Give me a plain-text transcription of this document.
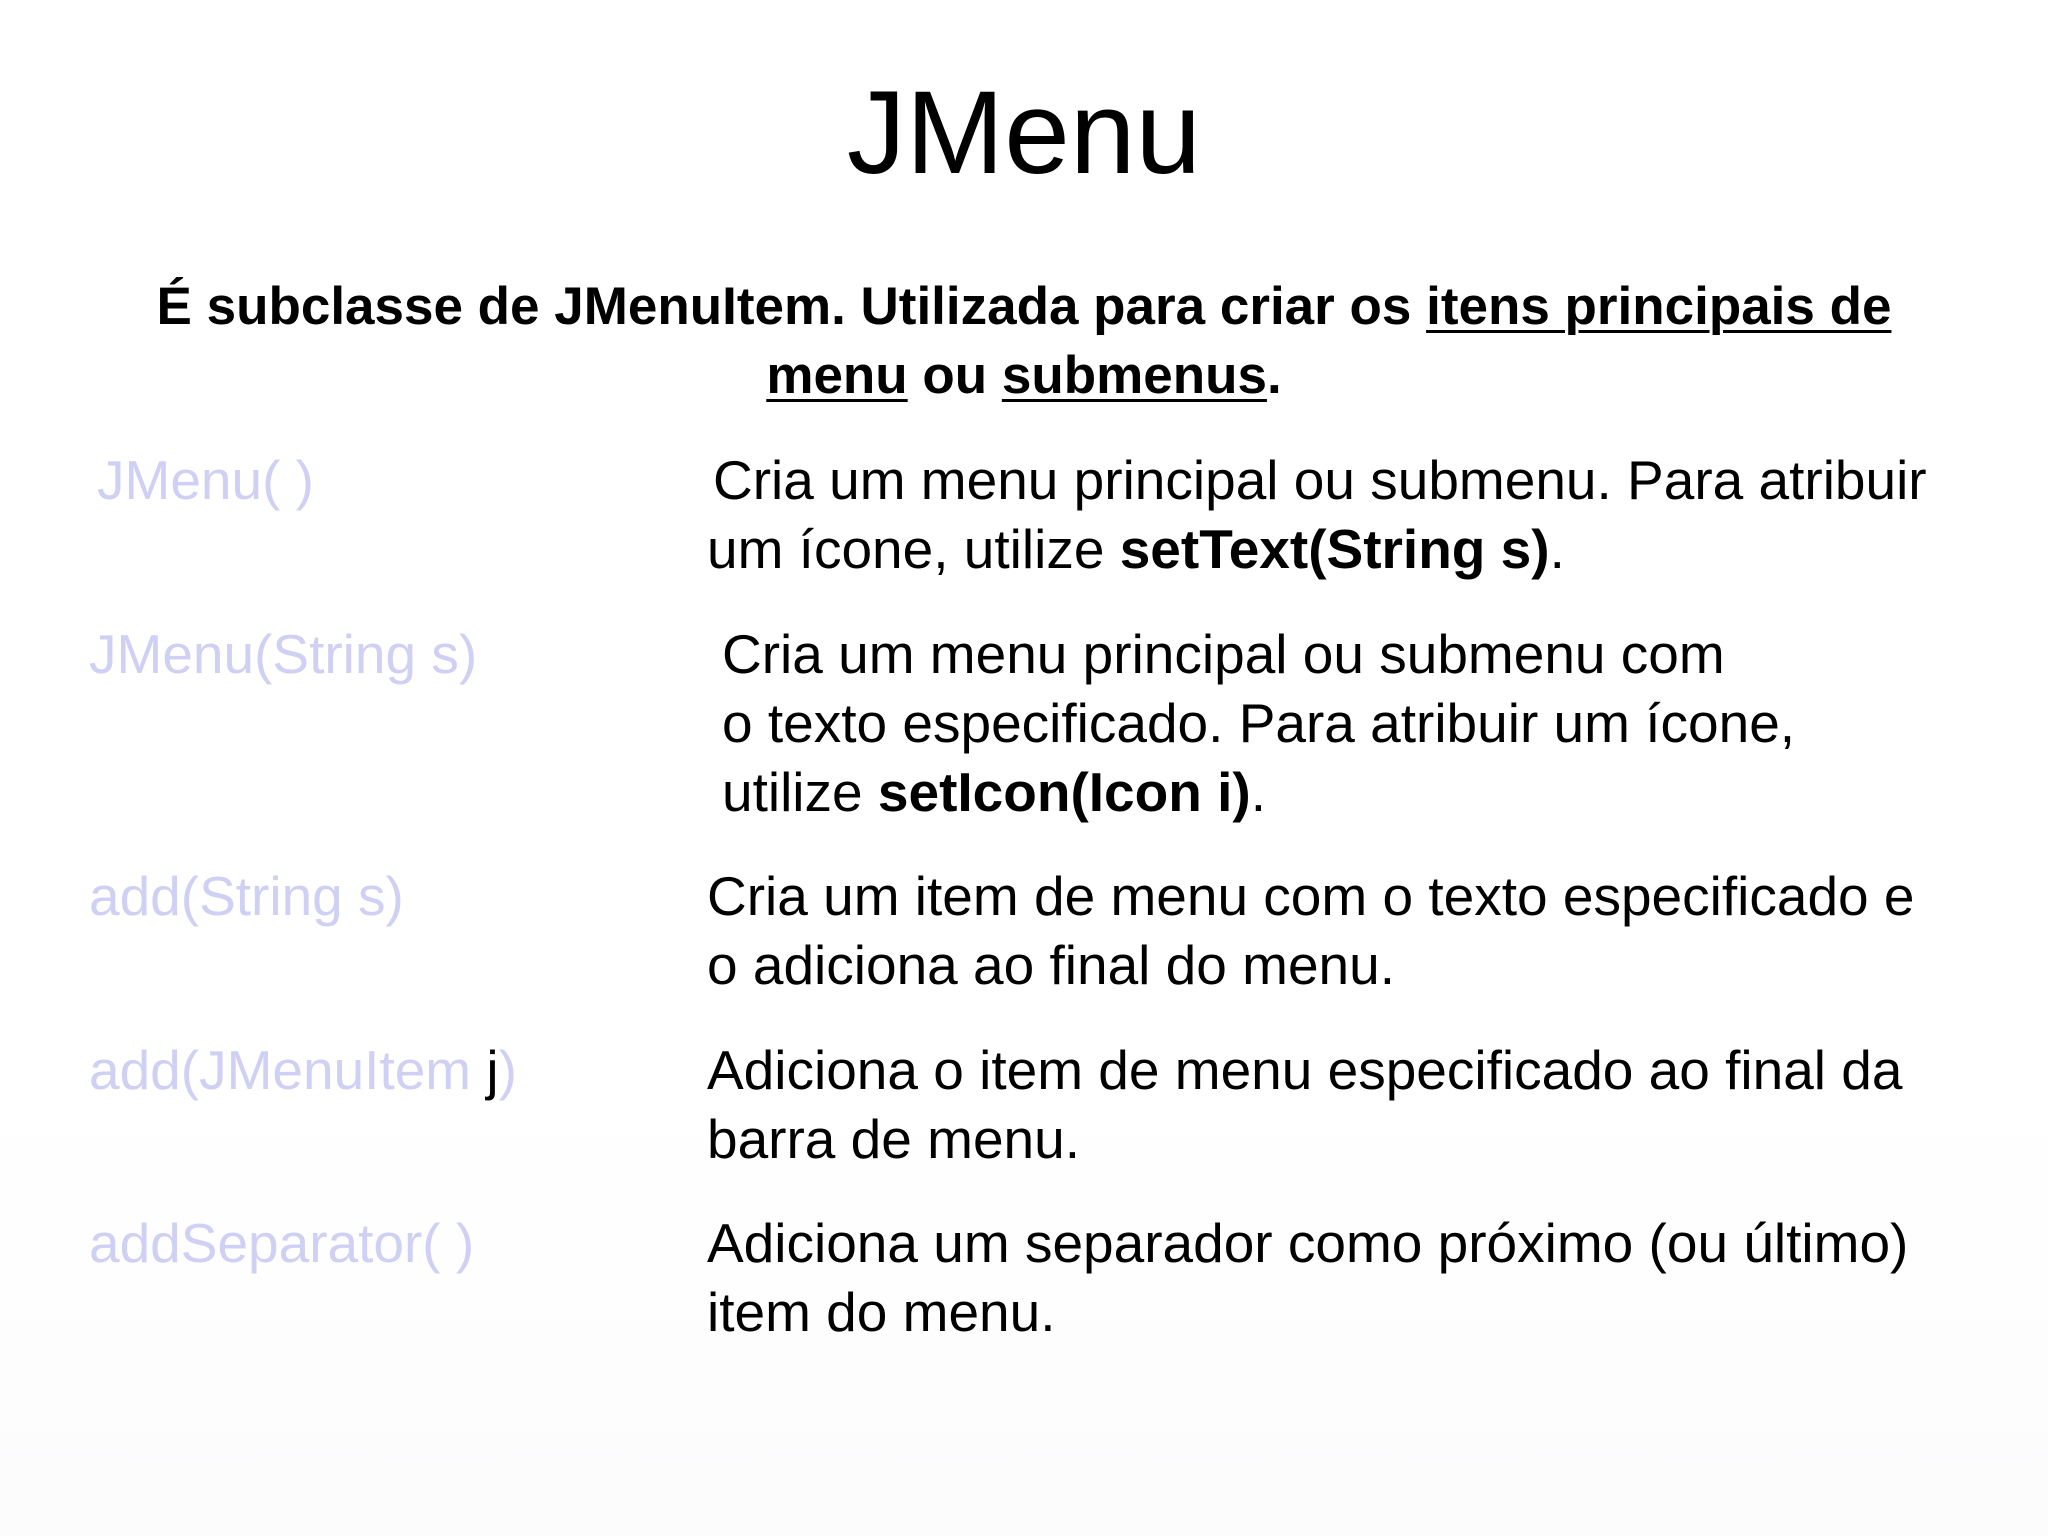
JMenu

É subclasse de JMenuItem. Utilizada para criar os itens principais de menu ou submenus.

JMenu( )	Cria um menu principal ou submenu. Para atribuir
um ícone, utilize setText(String s).
JMenu(String s)	Cria um menu principal ou submenu com
o texto especificado. Para atribuir um ícone,
utilize setIcon(Icon i).
add(String s)	Cria um item de menu com o texto especificado e
o adiciona ao final do menu.
add(JMenuItem j)	Adiciona o item de menu especificado ao final da
barra de menu.
addSeparator( )	Adiciona um separador como próximo (ou último)
item do menu.
